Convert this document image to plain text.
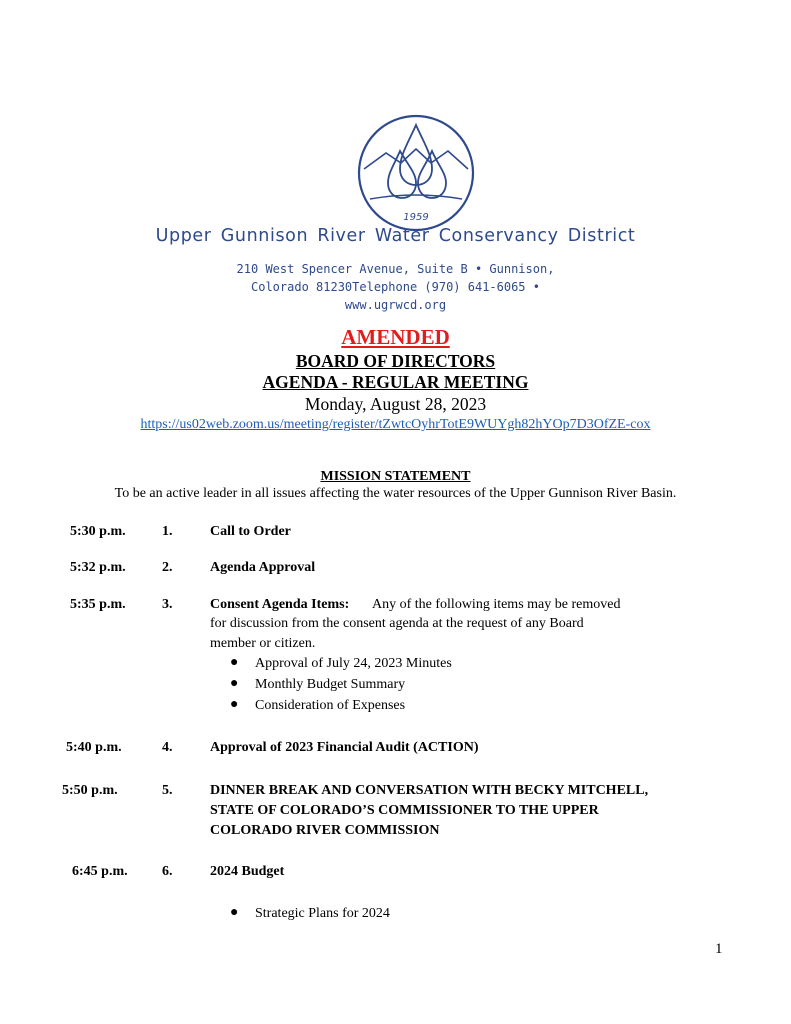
1959
Upper Gunnison River Water Conservancy District
210 West Spencer Avenue, Suite B • Gunnison,
Colorado 81230Telephone (970) 641-6065 •
www.ugrwcd.org
AMENDED
BOARD OF DIRECTORS
AGENDA - REGULAR MEETING
Monday, August 28, 2023
https://us02web.zoom.us/meeting/register/tZwtcOyhrTotE9WUYgh82hYOp7D3OfZE-cox
MISSION STATEMENT
To be an active leader in all issues affecting the water resources of the Upper Gunnison River Basin.
5:30 p.m.	1.	Call to Order
5:32 p.m.	2.	Agenda Approval
5:35 p.m.	3.	Consent Agenda Items: Any of the following items may be removed
for discussion from the consent agenda at the request of any Board
member or citizen.
● Approval of July 24, 2023 Minutes
● Monthly Budget Summary
● Consideration of Expenses
5:40 p.m.	4.	Approval of 2023 Financial Audit (ACTION)
5:50 p.m.	5.	DINNER BREAK AND CONVERSATION WITH BECKY MITCHELL,
STATE OF COLORADO’S COMMISSIONER TO THE UPPER
COLORADO RIVER COMMISSION
6:45 p.m. 6.	2024 Budget
● Strategic Plans for 2024
1
